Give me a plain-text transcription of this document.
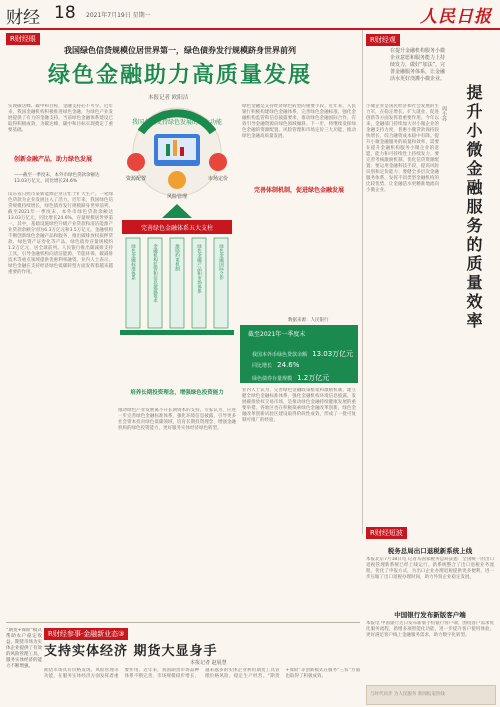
财经 18 2021年7月19日 星期一	人民日报
R财经眼
我国绿色信贷规模位居世界第一，绿色债券发行规模跻身世界前列
绿色金融助力高质量发展
本报记者 欧阳洁
实现碳达峰、碳中和目标，金融支持必不可少。近年来，我国金融机构积极推进绿色金融，为绿色产业发展提供了有力的金融支持。当前绿色金融体系建设已取得积极成效，为碳达峰、碳中和目标实现奠定了重要基础。
创新金融产品，助力绿色发展
——截至一季度末，本外币绿色贷款余额达13.03万亿元，同比增长24.6%
山东省日照市某新能源企业正忙于扩大生产。一笔绿色贷款为企业发展注入了活力。近年来，我国绿色信贷规模持续增长，绿色债券发行规模跻身世界前列。截至2021年一季度末，本外币绿色贷款余额达13.03万亿元，同比增长24.6%，存量规模居世界第一。其中，基础设施绿色升级产业贷款和清洁能源产业贷款余额分别为6.3万亿元和3.5万亿元。金融机构不断创新绿色金融产品和服务，推出碳排放权质押贷款、绿色资产证券化等产品。绿色债券存量规模约1.2万亿元，居全球前列。人民银行推出碳减排支持工具，引导金融机构向清洁能源、节能环保、碳减排技术等重点领域提供优惠利率融资。业内人士表示，绿色金融在支持经济绿色低碳转型方面发挥着越来越重要的作用。
我国金融支持绿色发展的三大功能
资源配置
风险管理
市场定价
完善绿色金融体系五大支柱
绿色金融标准体系	金融机构监管和信息披露要求	激励约束机制	绿色金融产品和市场体系	绿色金融国际合作
绿色金融是支持经济绿色转型的重要手段。近年来，人民银行积极构建绿色金融体系，完善绿色金融标准，强化金融机构监管和信息披露要求，推动绿色金融国际合作，有效引导金融资源向绿色领域倾斜。下一步，将继续发挥绿色金融的资源配置、风险管理和市场定价三大功能，推动绿色金融高质量发展。
完善体制机制，促进绿色金融发展
数据来源：人民银行
截至2021年一季度末
我国本外币绿色贷款余额 13.03万亿元
同比增长 24.6%
绿色债券存量规模 1.2万亿元
培养长期投资理念，增强绿色投资能力
推动绿色产业发展离不开长期资本的支持。专家认为，应进一步完善绿色金融标准体系，强化环境信息披露，引导更多社会资本投向绿色低碳领域，培育长期投资理念，增强金融机构的绿色投资能力，更好服务实体经济绿色转型。
业内人士认为，完善绿色金融政策框架和激励机制，建立健全绿色金融标准体系，强化金融机构环境信息披露，发展碳排放权交易市场，是推动绿色金融持续健康发展的重要举措。各地区也在积极探索绿色金融改革创新，绿色金融改革创新试验区建设取得阶段性成效，形成了一批可复制可推广的经验。
R财经观
在提升金融机构服务小微企业意愿和服务能力上持续发力，做好“加法”，完善金融服务体系，让金融活水更好浇灌小微企业。
提升小微金融服务的质量效率
周小苏
小微企业是国民经济和社会发展的生力军，在稳定增长、扩大就业、促进创新等方面发挥着重要作用。今年以来，金融部门持续加大对小微企业的金融支持力度，普惠小微贷款保持较快增长，综合融资成本稳中有降。提升小微金融服务的质量和效率，需要在提升金融机构服务小微企业的意愿、能力和可持续性上持续发力。要完善考核激励机制，优化信贷资源配置；要运用金融科技手段，提高风险识别和定价能力；要健全多层次金融服务体系，发挥不同类型金融机构的比较优势，让金融活水更精准地流向小微企业。
R财经短波
税务总局出口退税新系统上线
本报北京7月18日电 记者从国家税务总局获悉：全国统一的出口退税管理新系统已经上线运行。新系统整合了出口退税业务流程，优化了申报方式，为出口企业办理退税提供更多便利，进一步压缩了出口退税办理时间，助力外贸企业稳定发展。
中国银行发布新版客户端
本报电 中国银行近日发布新版手机银行客户端，围绕客户需求优化服务流程，新增多项智能化功能，进一步提升客户使用体验，更好满足客户线上金融服务需求，助力数字化转型。
与时代同步 为人民服务 新闻报道热线
“期货+保险”模式帮助农户稳定收益，期货市场为实体企业提供了有效的风险管理工具，服务实体经济的能力不断增强。
R财经参事·金融新业态③
支持实体经济 期货大显身手
本报记者 赵展慧
期货市场具有价格发现、风险管理等功能，在服务实体经济方面发挥着重要作用。近年来，我国期货市场品种体系不断完善，市场规模稳步增长，越来越多的实体企业利用期货工具管理价格风险，稳定生产经营。“期货+保险”等创新模式在服务“三农”方面也取得了积极成效。
